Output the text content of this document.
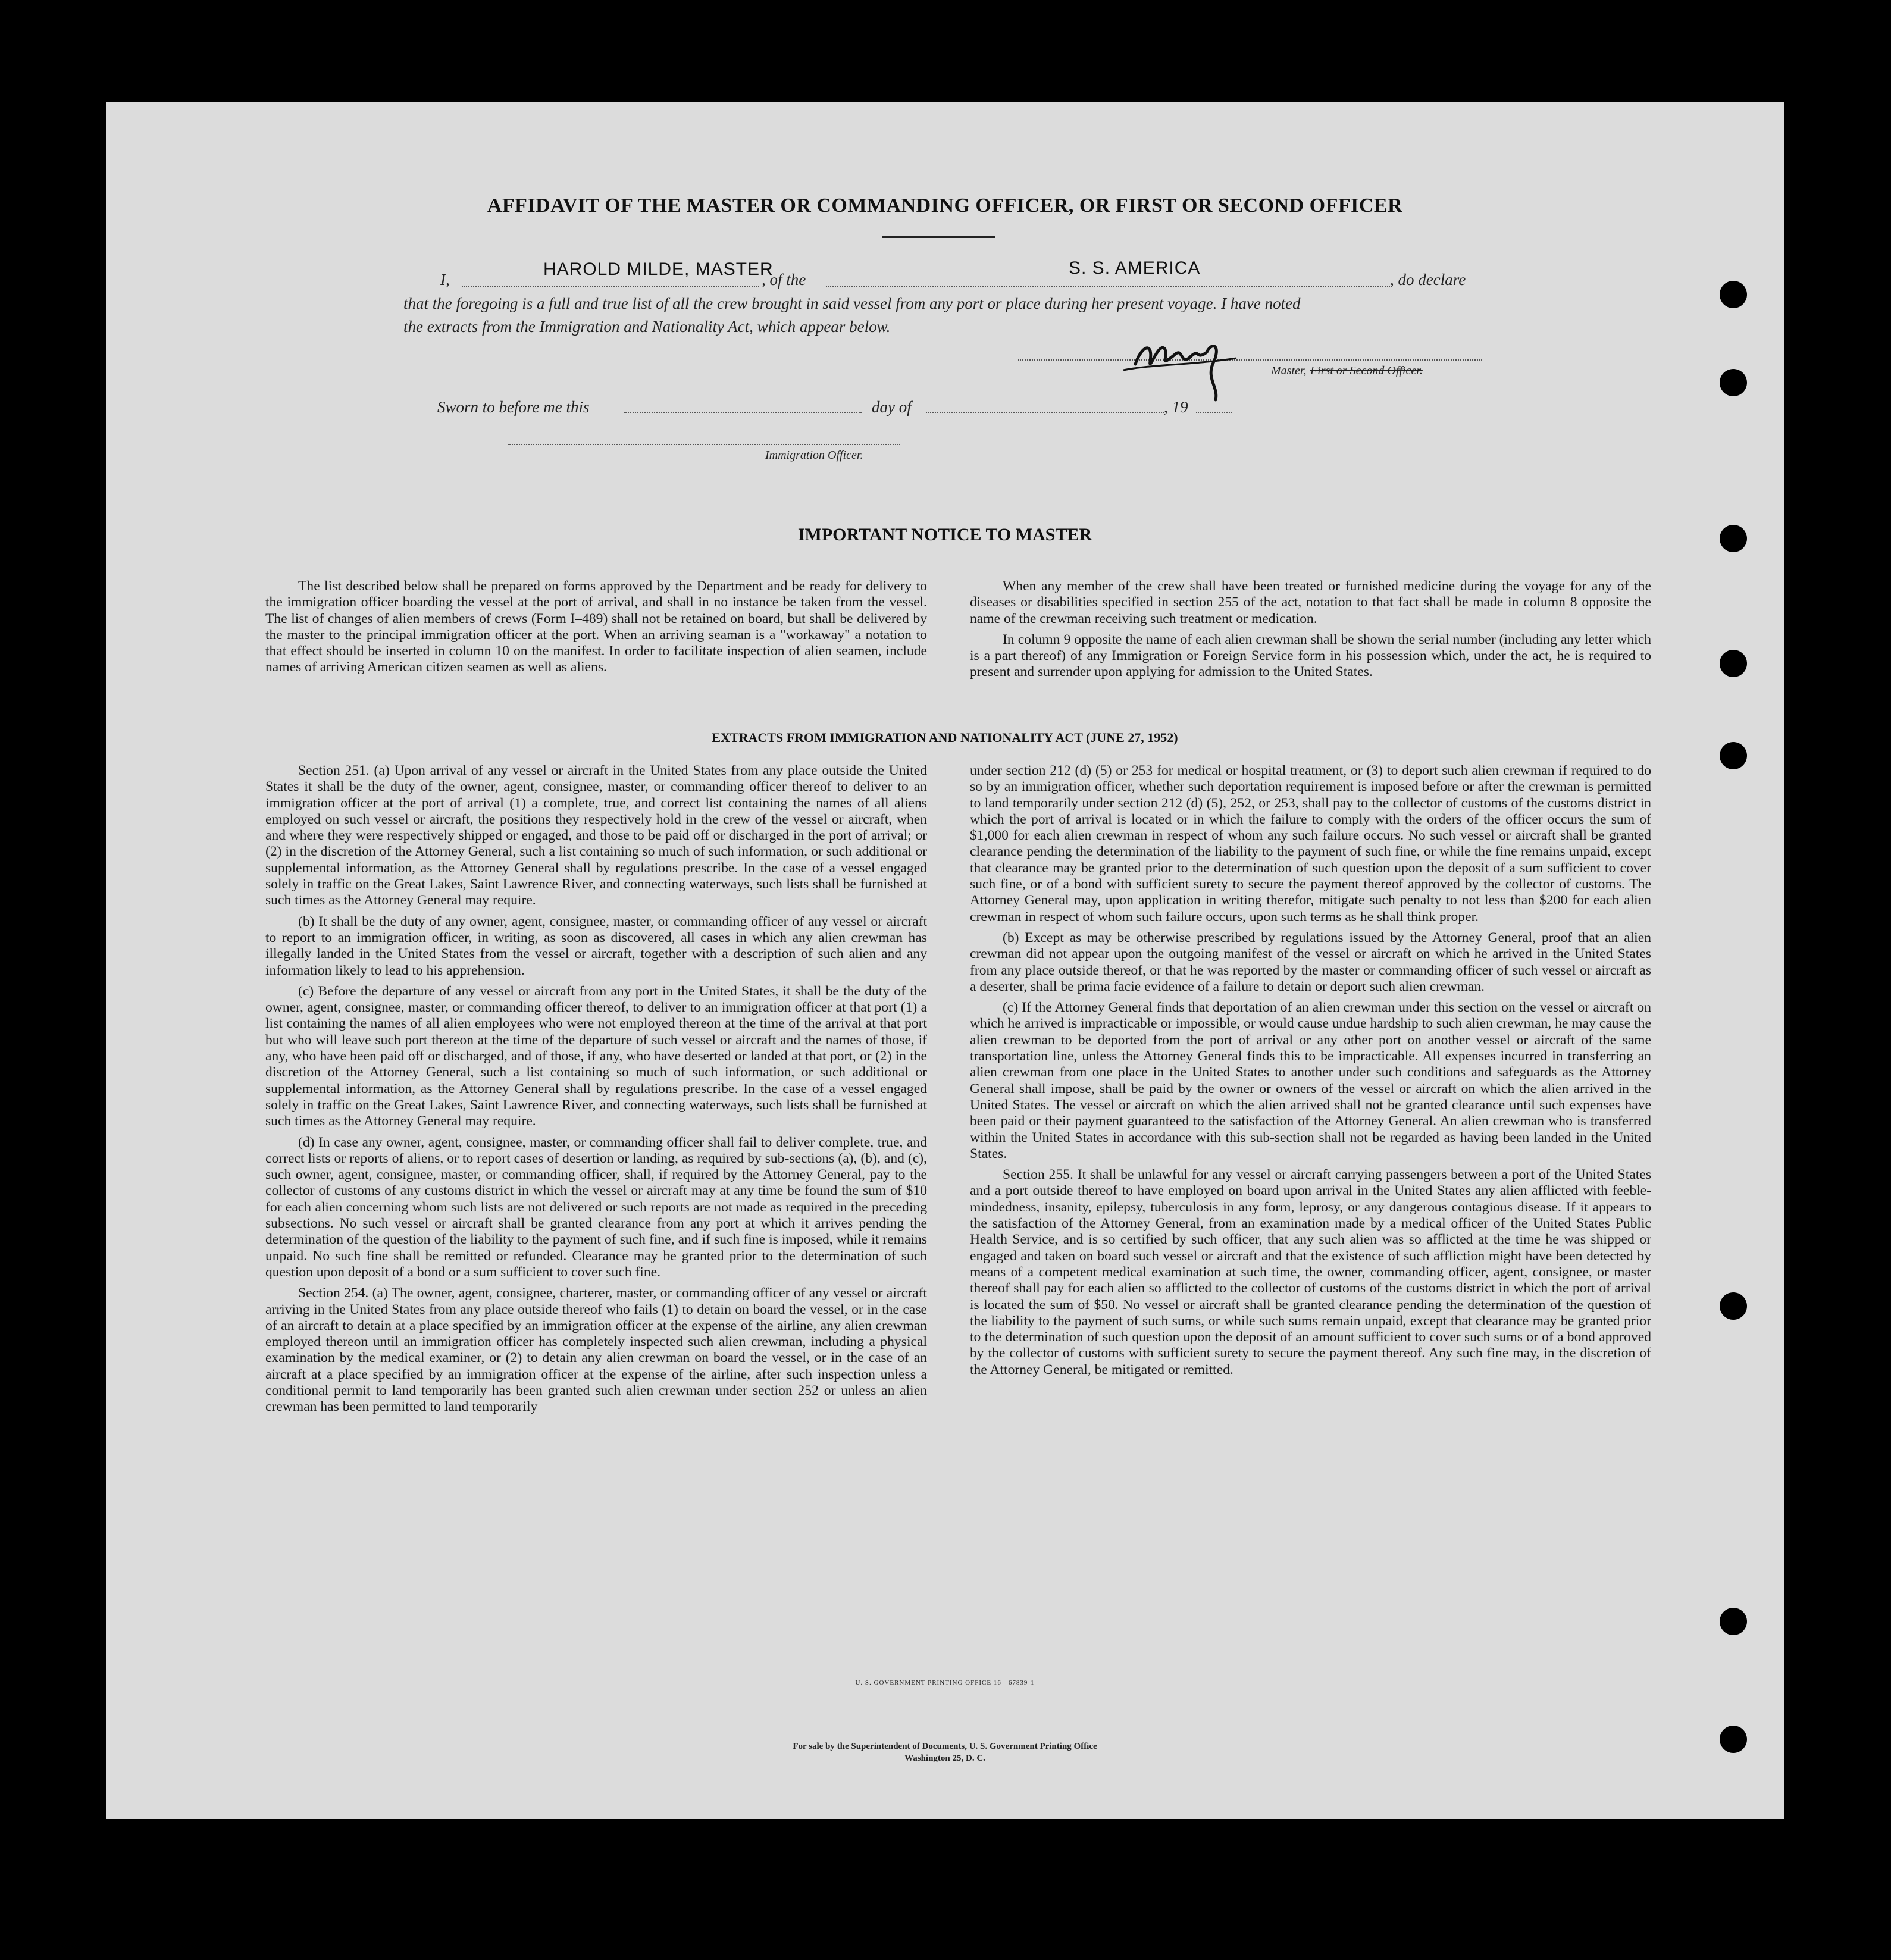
AFFIDAVIT OF THE MASTER OR COMMANDING OFFICER, OR FIRST OR SECOND OFFICER
I,
HAROLD MILDE, MASTER
, of the
S. S. AMERICA
, do declare
that the foregoing is a full and true list of all the crew brought in said vessel from any port or place during her present voyage. I have noted
the extracts from the Immigration and Nationality Act, which appear below.
Master, First or Second Officer.
Sworn to before me this	day of	, 19
Immigration Officer.
IMPORTANT NOTICE TO MASTER

The list described below shall be prepared on forms approved by the Department and be ready for delivery to the immigration officer boarding the vessel at the port of arrival, and shall in no instance be taken from the vessel. The list of changes of alien members of crews (Form I–489) shall not be retained on board, but shall be delivered by the master to the principal immigration officer at the port. When an arriving seaman is a "workaway" a notation to that effect should be inserted in column 10 on the manifest. In order to facilitate inspection of alien seamen, include names of arriving American citizen seamen as well as aliens.

When any member of the crew shall have been treated or furnished medicine during the voyage for any of the diseases or disabilities specified in section 255 of the act, notation to that fact shall be made in column 8 opposite the name of the crewman receiving such treatment or medication.

In column 9 opposite the name of each alien crewman shall be shown the serial number (including any letter which is a part thereof) of any Immigration or Foreign Service form in his possession which, under the act, he is required to present and surrender upon applying for admission to the United States.

EXTRACTS FROM IMMIGRATION AND NATIONALITY ACT (JUNE 27, 1952)

Section 251. (a) Upon arrival of any vessel or aircraft in the United States from any place outside the United States it shall be the duty of the owner, agent, consignee, master, or commanding officer thereof to deliver to an immigration officer at the port of arrival (1) a complete, true, and correct list containing the names of all aliens employed on such vessel or aircraft, the positions they respectively hold in the crew of the vessel or aircraft, when and where they were respectively shipped or engaged, and those to be paid off or discharged in the port of arrival; or (2) in the discretion of the Attorney General, such a list containing so much of such information, or such additional or supplemental information, as the Attorney General shall by regulations prescribe. In the case of a vessel engaged solely in traffic on the Great Lakes, Saint Lawrence River, and connecting waterways, such lists shall be furnished at such times as the Attorney General may require.

(b) It shall be the duty of any owner, agent, consignee, master, or commanding officer of any vessel or aircraft to report to an immigration officer, in writing, as soon as discovered, all cases in which any alien crewman has illegally landed in the United States from the vessel or aircraft, together with a description of such alien and any information likely to lead to his apprehension.

(c) Before the departure of any vessel or aircraft from any port in the United States, it shall be the duty of the owner, agent, consignee, master, or commanding officer thereof, to deliver to an immigration officer at that port (1) a list containing the names of all alien employees who were not employed thereon at the time of the arrival at that port but who will leave such port thereon at the time of the departure of such vessel or aircraft and the names of those, if any, who have been paid off or discharged, and of those, if any, who have deserted or landed at that port, or (2) in the discretion of the Attorney General, such a list containing so much of such information, or such additional or supplemental information, as the Attorney General shall by regulations prescribe. In the case of a vessel engaged solely in traffic on the Great Lakes, Saint Lawrence River, and connecting waterways, such lists shall be furnished at such times as the Attorney General may require.

(d) In case any owner, agent, consignee, master, or commanding officer shall fail to deliver complete, true, and correct lists or reports of aliens, or to report cases of desertion or landing, as required by sub-sections (a), (b), and (c), such owner, agent, consignee, master, or commanding officer, shall, if required by the Attorney General, pay to the collector of customs of any customs district in which the vessel or aircraft may at any time be found the sum of $10 for each alien concerning whom such lists are not delivered or such reports are not made as required in the preceding subsections. No such vessel or aircraft shall be granted clearance from any port at which it arrives pending the determination of the question of the liability to the payment of such fine, and if such fine is imposed, while it remains unpaid. No such fine shall be remitted or refunded. Clearance may be granted prior to the determination of such question upon deposit of a bond or a sum sufficient to cover such fine.

Section 254. (a) The owner, agent, consignee, charterer, master, or commanding officer of any vessel or aircraft arriving in the United States from any place outside thereof who fails (1) to detain on board the vessel, or in the case of an aircraft to detain at a place specified by an immigration officer at the expense of the airline, any alien crewman employed thereon until an immigration officer has completely inspected such alien crewman, including a physical examination by the medical examiner, or (2) to detain any alien crewman on board the vessel, or in the case of an aircraft at a place specified by an immigration officer at the expense of the airline, after such inspection unless a conditional permit to land temporarily has been granted such alien crewman under section 252 or unless an alien crewman has been permitted to land temporarily

under section 212 (d) (5) or 253 for medical or hospital treatment, or (3) to deport such alien crewman if required to do so by an immigration officer, whether such deportation requirement is imposed before or after the crewman is permitted to land temporarily under section 212 (d) (5), 252, or 253, shall pay to the collector of customs of the customs district in which the port of arrival is located or in which the failure to comply with the orders of the officer occurs the sum of $1,000 for each alien crewman in respect of whom any such failure occurs. No such vessel or aircraft shall be granted clearance pending the determination of the liability to the payment of such fine, or while the fine remains unpaid, except that clearance may be granted prior to the determination of such question upon the deposit of a sum sufficient to cover such fine, or of a bond with sufficient surety to secure the payment thereof approved by the collector of customs. The Attorney General may, upon application in writing therefor, mitigate such penalty to not less than $200 for each alien crewman in respect of whom such failure occurs, upon such terms as he shall think proper.

(b) Except as may be otherwise prescribed by regulations issued by the Attorney General, proof that an alien crewman did not appear upon the outgoing manifest of the vessel or aircraft on which he arrived in the United States from any place outside thereof, or that he was reported by the master or commanding officer of such vessel or aircraft as a deserter, shall be prima facie evidence of a failure to detain or deport such alien crewman.

(c) If the Attorney General finds that deportation of an alien crewman under this section on the vessel or aircraft on which he arrived is impracticable or impossible, or would cause undue hardship to such alien crewman, he may cause the alien crewman to be deported from the port of arrival or any other port on another vessel or aircraft of the same transportation line, unless the Attorney General finds this to be impracticable. All expenses incurred in transferring an alien crewman from one place in the United States to another under such conditions and safeguards as the Attorney General shall impose, shall be paid by the owner or owners of the vessel or aircraft on which the alien arrived in the United States. The vessel or aircraft on which the alien arrived shall not be granted clearance until such expenses have been paid or their payment guaranteed to the satisfaction of the Attorney General. An alien crewman who is transferred within the United States in accordance with this sub-section shall not be regarded as having been landed in the United States.

Section 255. It shall be unlawful for any vessel or aircraft carrying passengers between a port of the United States and a port outside thereof to have employed on board upon arrival in the United States any alien afflicted with feeble-mindedness, insanity, epilepsy, tuberculosis in any form, leprosy, or any dangerous contagious disease. If it appears to the satisfaction of the Attorney General, from an examination made by a medical officer of the United States Public Health Service, and is so certified by such officer, that any such alien was so afflicted at the time he was shipped or engaged and taken on board such vessel or aircraft and that the existence of such affliction might have been detected by means of a competent medical examination at such time, the owner, commanding officer, agent, consignee, or master thereof shall pay for each alien so afflicted to the collector of customs of the customs district in which the port of arrival is located the sum of $50. No vessel or aircraft shall be granted clearance pending the determination of the question of the liability to the payment of such sums, or while such sums remain unpaid, except that clearance may be granted prior to the determination of such question upon the deposit of an amount sufficient to cover such sums or of a bond approved by the collector of customs with sufficient surety to secure the payment thereof. Any such fine may, in the discretion of the Attorney General, be mitigated or remitted.

U. S. GOVERNMENT PRINTING OFFICE 16—67839-1
For sale by the Superintendent of Documents, U. S. Government Printing Office
Washington 25, D. C.
